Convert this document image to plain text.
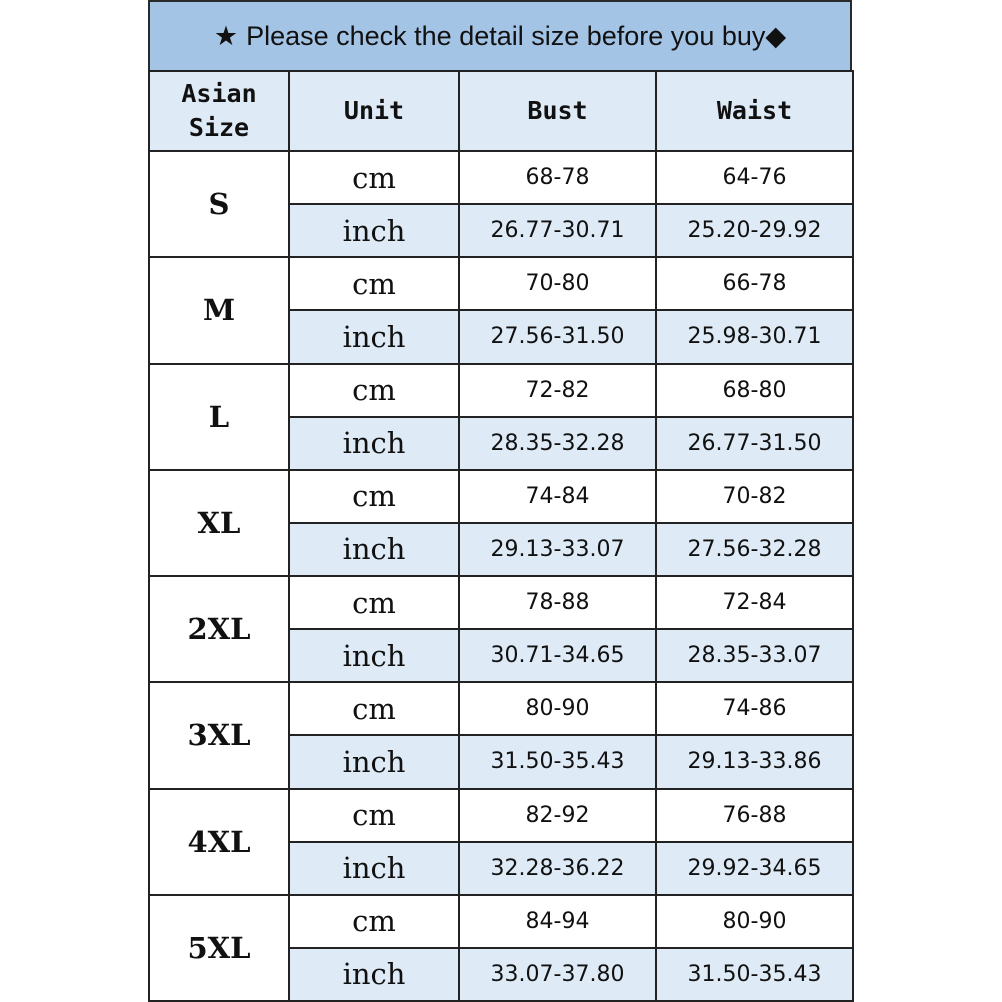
★ Please check the detail size before you buy ◆
Asian
Size	Unit	Bust	Waist
S	cm	68-78	64-76
	inch	26.77-30.71	25.20-29.92
M	cm	70-80	66-78
	inch	27.56-31.50	25.98-30.71
L	cm	72-82	68-80
	inch	28.35-32.28	26.77-31.50
XL	cm	74-84	70-82
	inch	29.13-33.07	27.56-32.28
2XL	cm	78-88	72-84
	inch	30.71-34.65	28.35-33.07
3XL	cm	80-90	74-86
	inch	31.50-35.43	29.13-33.86
4XL	cm	82-92	76-88
	inch	32.28-36.22	29.92-34.65
5XL	cm	84-94	80-90
	inch	33.07-37.80	31.50-35.43
